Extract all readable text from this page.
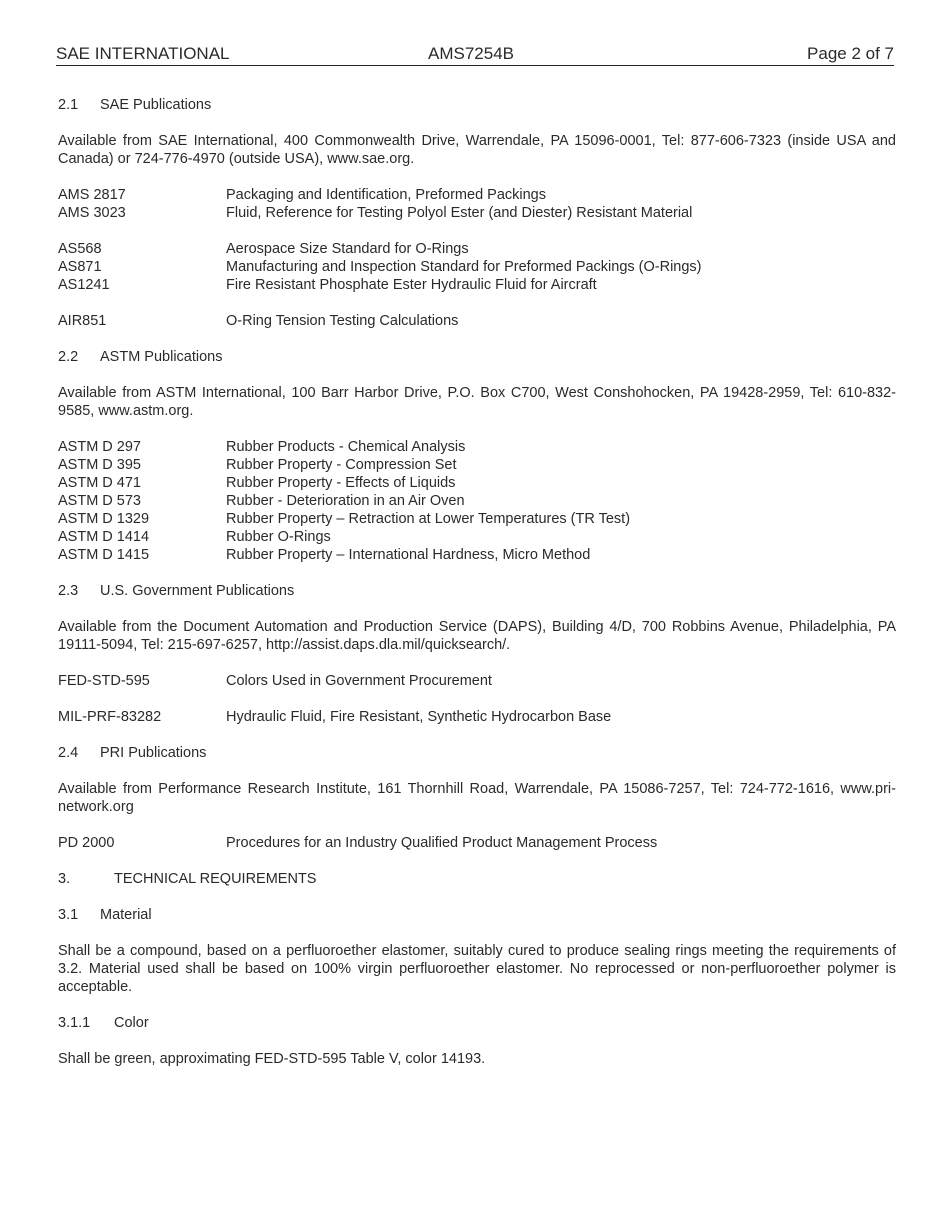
SAE INTERNATIONAL	AMS7254B	Page 2 of 7
2.1	SAE Publications

Available from SAE International, 400 Commonwealth Drive, Warrendale, PA 15096-0001, Tel: 877-606-7323 (inside USA and Canada) or 724-776-4970 (outside USA), www.sae.org.

AMS 2817	Packaging and Identification, Preformed Packings
AMS 3023	Fluid, Reference for Testing Polyol Ester (and Diester) Resistant Material
AS568	Aerospace Size Standard for O-Rings
AS871	Manufacturing and Inspection Standard for Preformed Packings (O-Rings)
AS1241	Fire Resistant Phosphate Ester Hydraulic Fluid for Aircraft
AIR851	O-Ring Tension Testing Calculations
2.2	ASTM Publications

Available from ASTM International, 100 Barr Harbor Drive, P.O. Box C700, West Conshohocken, PA 19428-2959, Tel: 610-832-9585, www.astm.org.

ASTM D 297	Rubber Products - Chemical Analysis
ASTM D 395	Rubber Property - Compression Set
ASTM D 471	Rubber Property - Effects of Liquids
ASTM D 573	Rubber - Deterioration in an Air Oven
ASTM D 1329	Rubber Property – Retraction at Lower Temperatures (TR Test)
ASTM D 1414	Rubber O-Rings
ASTM D 1415	Rubber Property – International Hardness, Micro Method
2.3	U.S. Government Publications

Available from the Document Automation and Production Service (DAPS), Building 4/D, 700 Robbins Avenue, Philadelphia, PA 19111-5094, Tel: 215-697-6257, http://assist.daps.dla.mil/quicksearch/.

FED-STD-595	Colors Used in Government Procurement
MIL-PRF-83282	Hydraulic Fluid, Fire Resistant, Synthetic Hydrocarbon Base
2.4	PRI Publications

Available from Performance Research Institute, 161 Thornhill Road, Warrendale, PA 15086-7257, Tel: 724-772-1616, www.pri-network.org

PD 2000	Procedures for an Industry Qualified Product Management Process
3.	TECHNICAL REQUIREMENTS
3.1	Material

Shall be a compound, based on a perfluoroether elastomer, suitably cured to produce sealing rings meeting the requirements of 3.2. Material used shall be based on 100% virgin perfluoroether elastomer. No reprocessed or non-perfluoroether polymer is acceptable.

3.1.1	Color

Shall be green, approximating FED-STD-595 Table V, color 14193.
